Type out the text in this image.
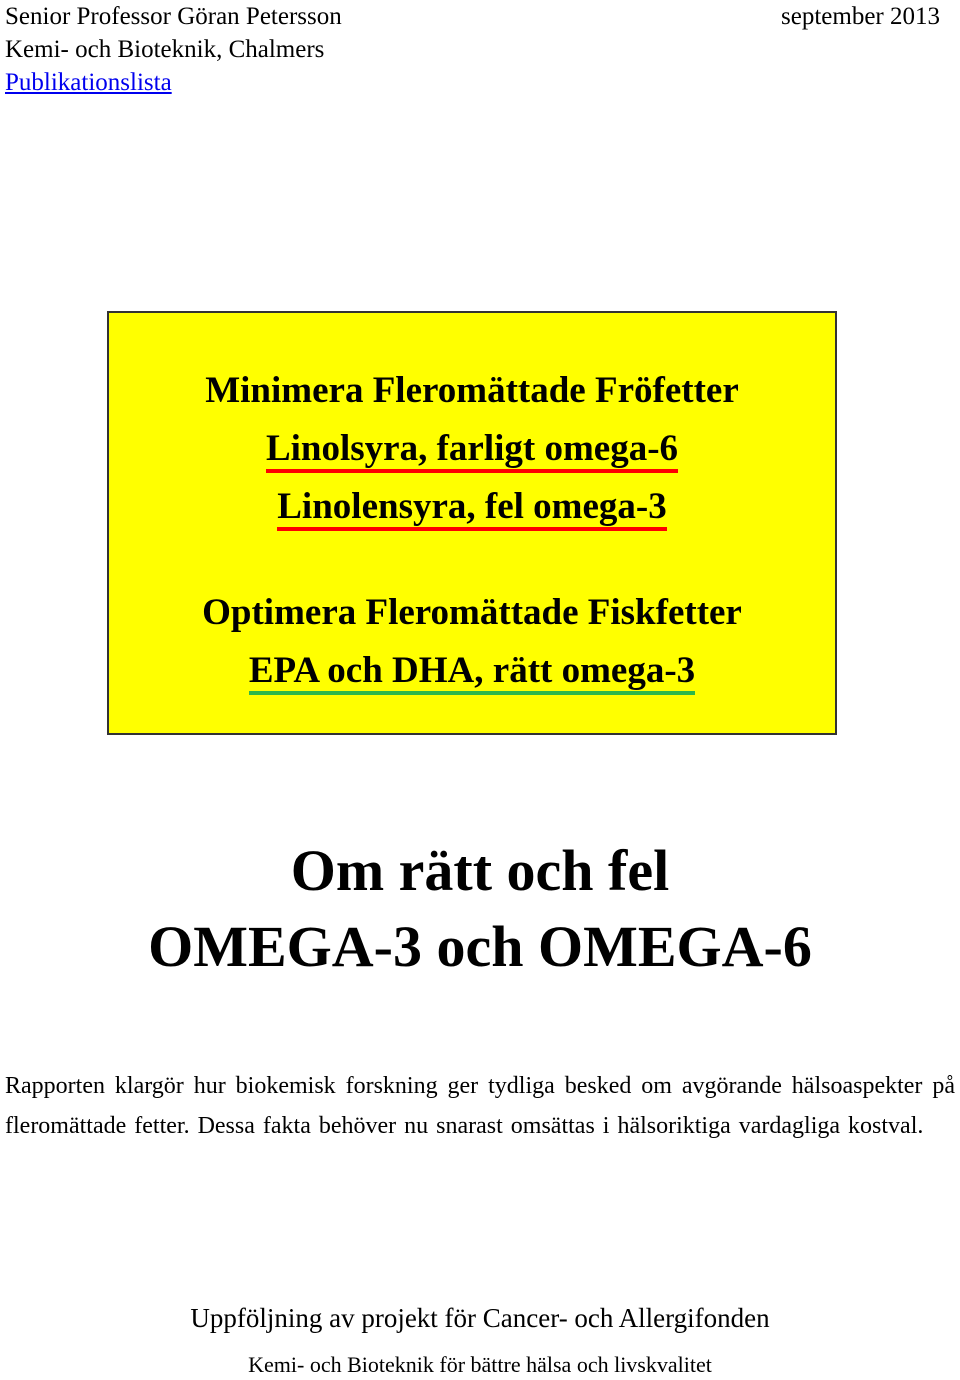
Senior Professor Göran Petersson
Kemi- och Bioteknik, Chalmers
Publikationslista
september 2013
Minimera Fleromättade Fröfetter
Linolsyra, farligt omega-6
Linolensyra, fel omega-3
Optimera Fleromättade Fiskfetter
EPA och DHA, rätt omega-3
Om rätt och fel
OMEGA-3 och OMEGA-6
Rapporten klargör hur biokemisk forskning ger tydliga besked om avgörande hälsoaspekter på fleromättade fetter. Dessa fakta behöver nu snarast omsättas i hälsoriktiga vardagliga kostval.
Uppföljning av projekt för Cancer- och Allergifonden
Kemi- och Bioteknik för bättre hälsa och livskvalitet
